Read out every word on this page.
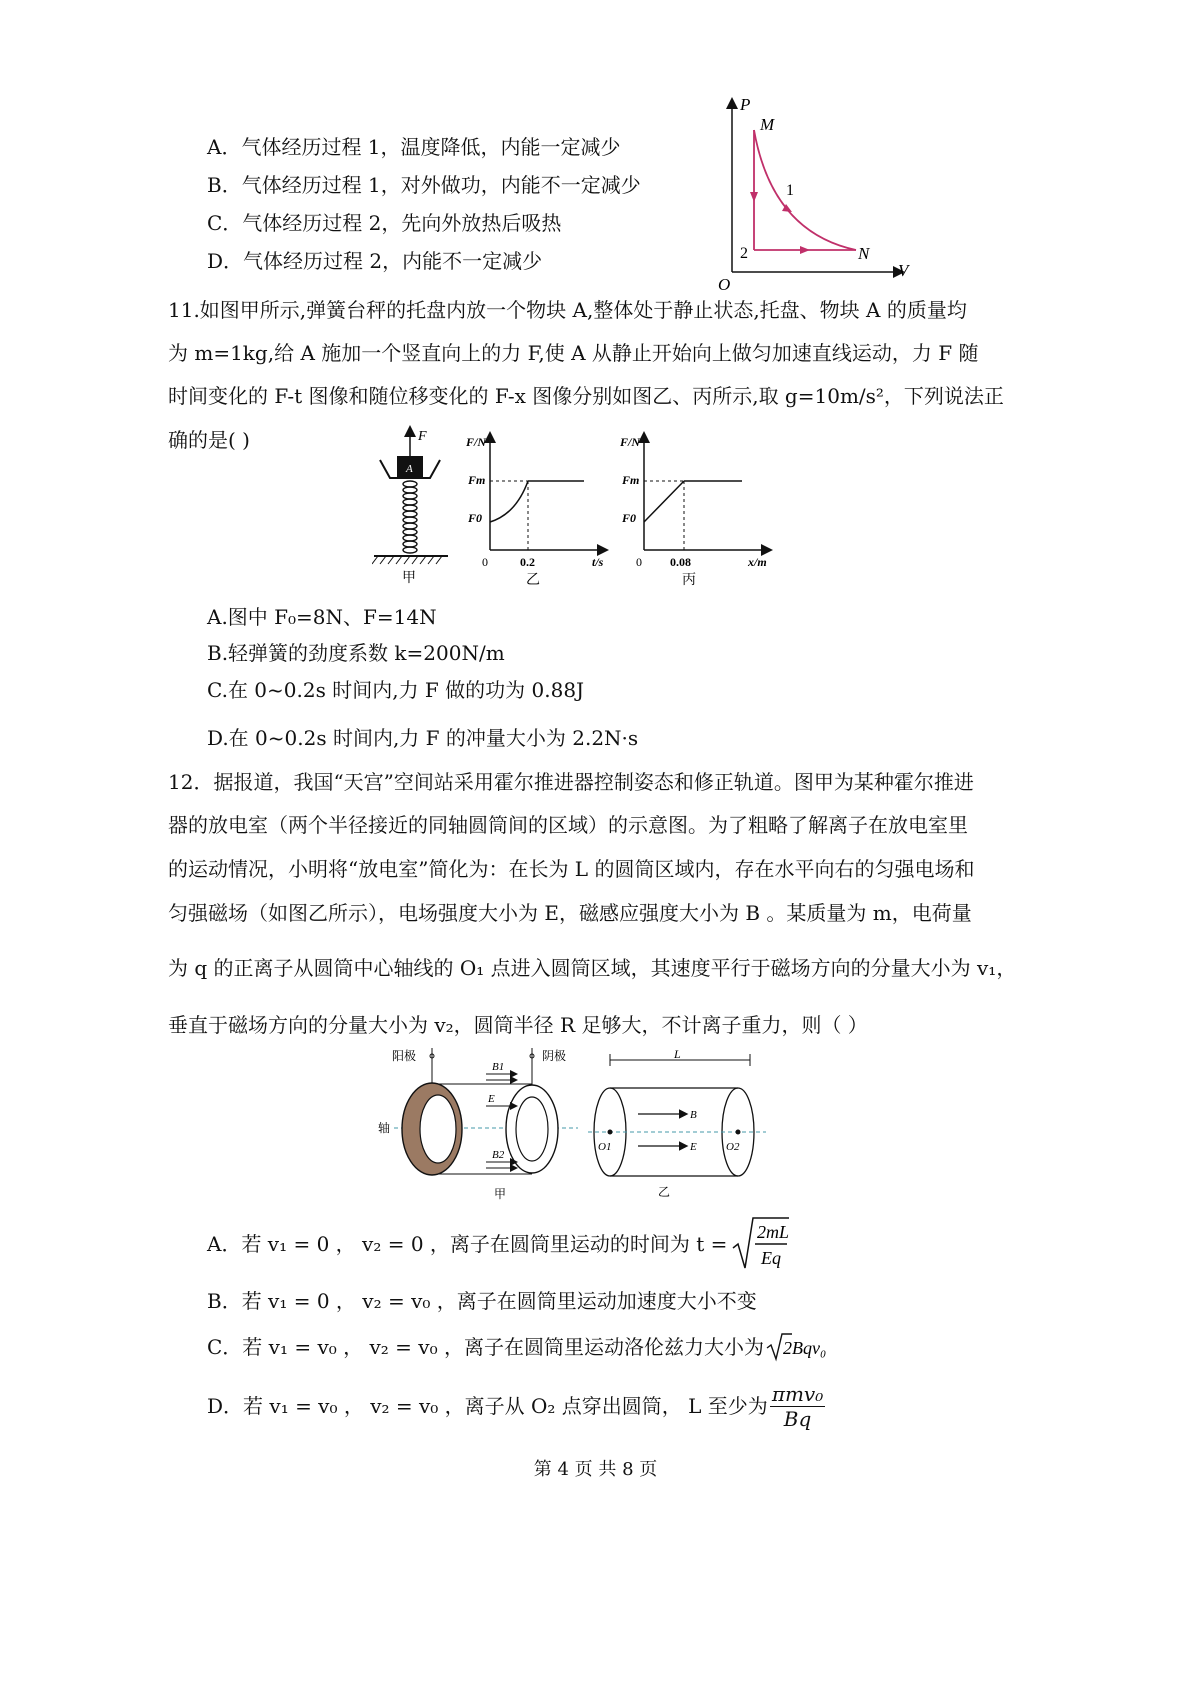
A．气体经历过程 1，温度降低，内能一定减少
B．气体经历过程 1，对外做功，内能不一定减少
C．气体经历过程 2，先向外放热后吸热
D．气体经历过程 2，内能不一定减少
P
V
O
M
N
1
2
11.如图甲所示,弹簧台秤的托盘内放一个物块 A,整体处于静止状态,托盘、物块 A 的质量均
为 m=1kg,给 A 施加一个竖直向上的力 F,使 A 从静止开始向上做匀加速直线运动，力 F 随
时间变化的 F-t 图像和随位移变化的 F-x 图像分别如图乙、丙所示,取 g=10m/s²，下列说法正
确的是( )	F
A
甲
F/N
Fm
F0
0	0.2	t/s
乙
F/N
Fm
F0
0 0.08	x/m
丙
A.图中 F₀=8N、F=14N
B.轻弹簧的劲度系数 k=200N/m
C.在 0~0.2s 时间内,力 F 做的功为 0.88J
D.在 0~0.2s 时间内,力 F 的冲量大小为 2.2N·s
12．据报道，我国“天宫”空间站采用霍尔推进器控制姿态和修正轨道。图甲为某种霍尔推进
器的放电室（两个半径接近的同轴圆筒间的区域）的示意图。为了粗略了解离子在放电室里
的运动情况，小明将“放电室”简化为：在长为 L 的圆筒区域内，存在水平向右的匀强电场和
匀强磁场（如图乙所示），电场强度大小为 E，磁感应强度大小为 B 。某质量为 m，电荷量
为 q 的正离子从圆筒中心轴线的 O₁ 点进入圆筒区域，其速度平行于磁场方向的分量大小为 v₁，
垂直于磁场方向的分量大小为 v₂，圆筒半径 R 足够大，不计离子重力，则（ ）
阳极	阴极
轴
B1
E
B2
甲
L
O1	O2
B
E
乙
A．若 v₁ = 0 ， v₂ = 0 ，离子在圆筒里运动的时间为 t = 2mL
Eq
B．若 v₁ = 0 ， v₂ = v₀ ，离子在圆筒里运动加速度大小不变
C．若 v₁ = v₀ ， v₂ = v₀ ，离子在圆筒里运动洛伦兹力大小为 2Bqv₀
D．若 v₁ = v₀ ， v₂ = v₀ ，离子从 O₂ 点穿出圆筒， L 至少为 $\frac{\text{πmv₀}}{Bq}$
第 4 页 共 8 页
